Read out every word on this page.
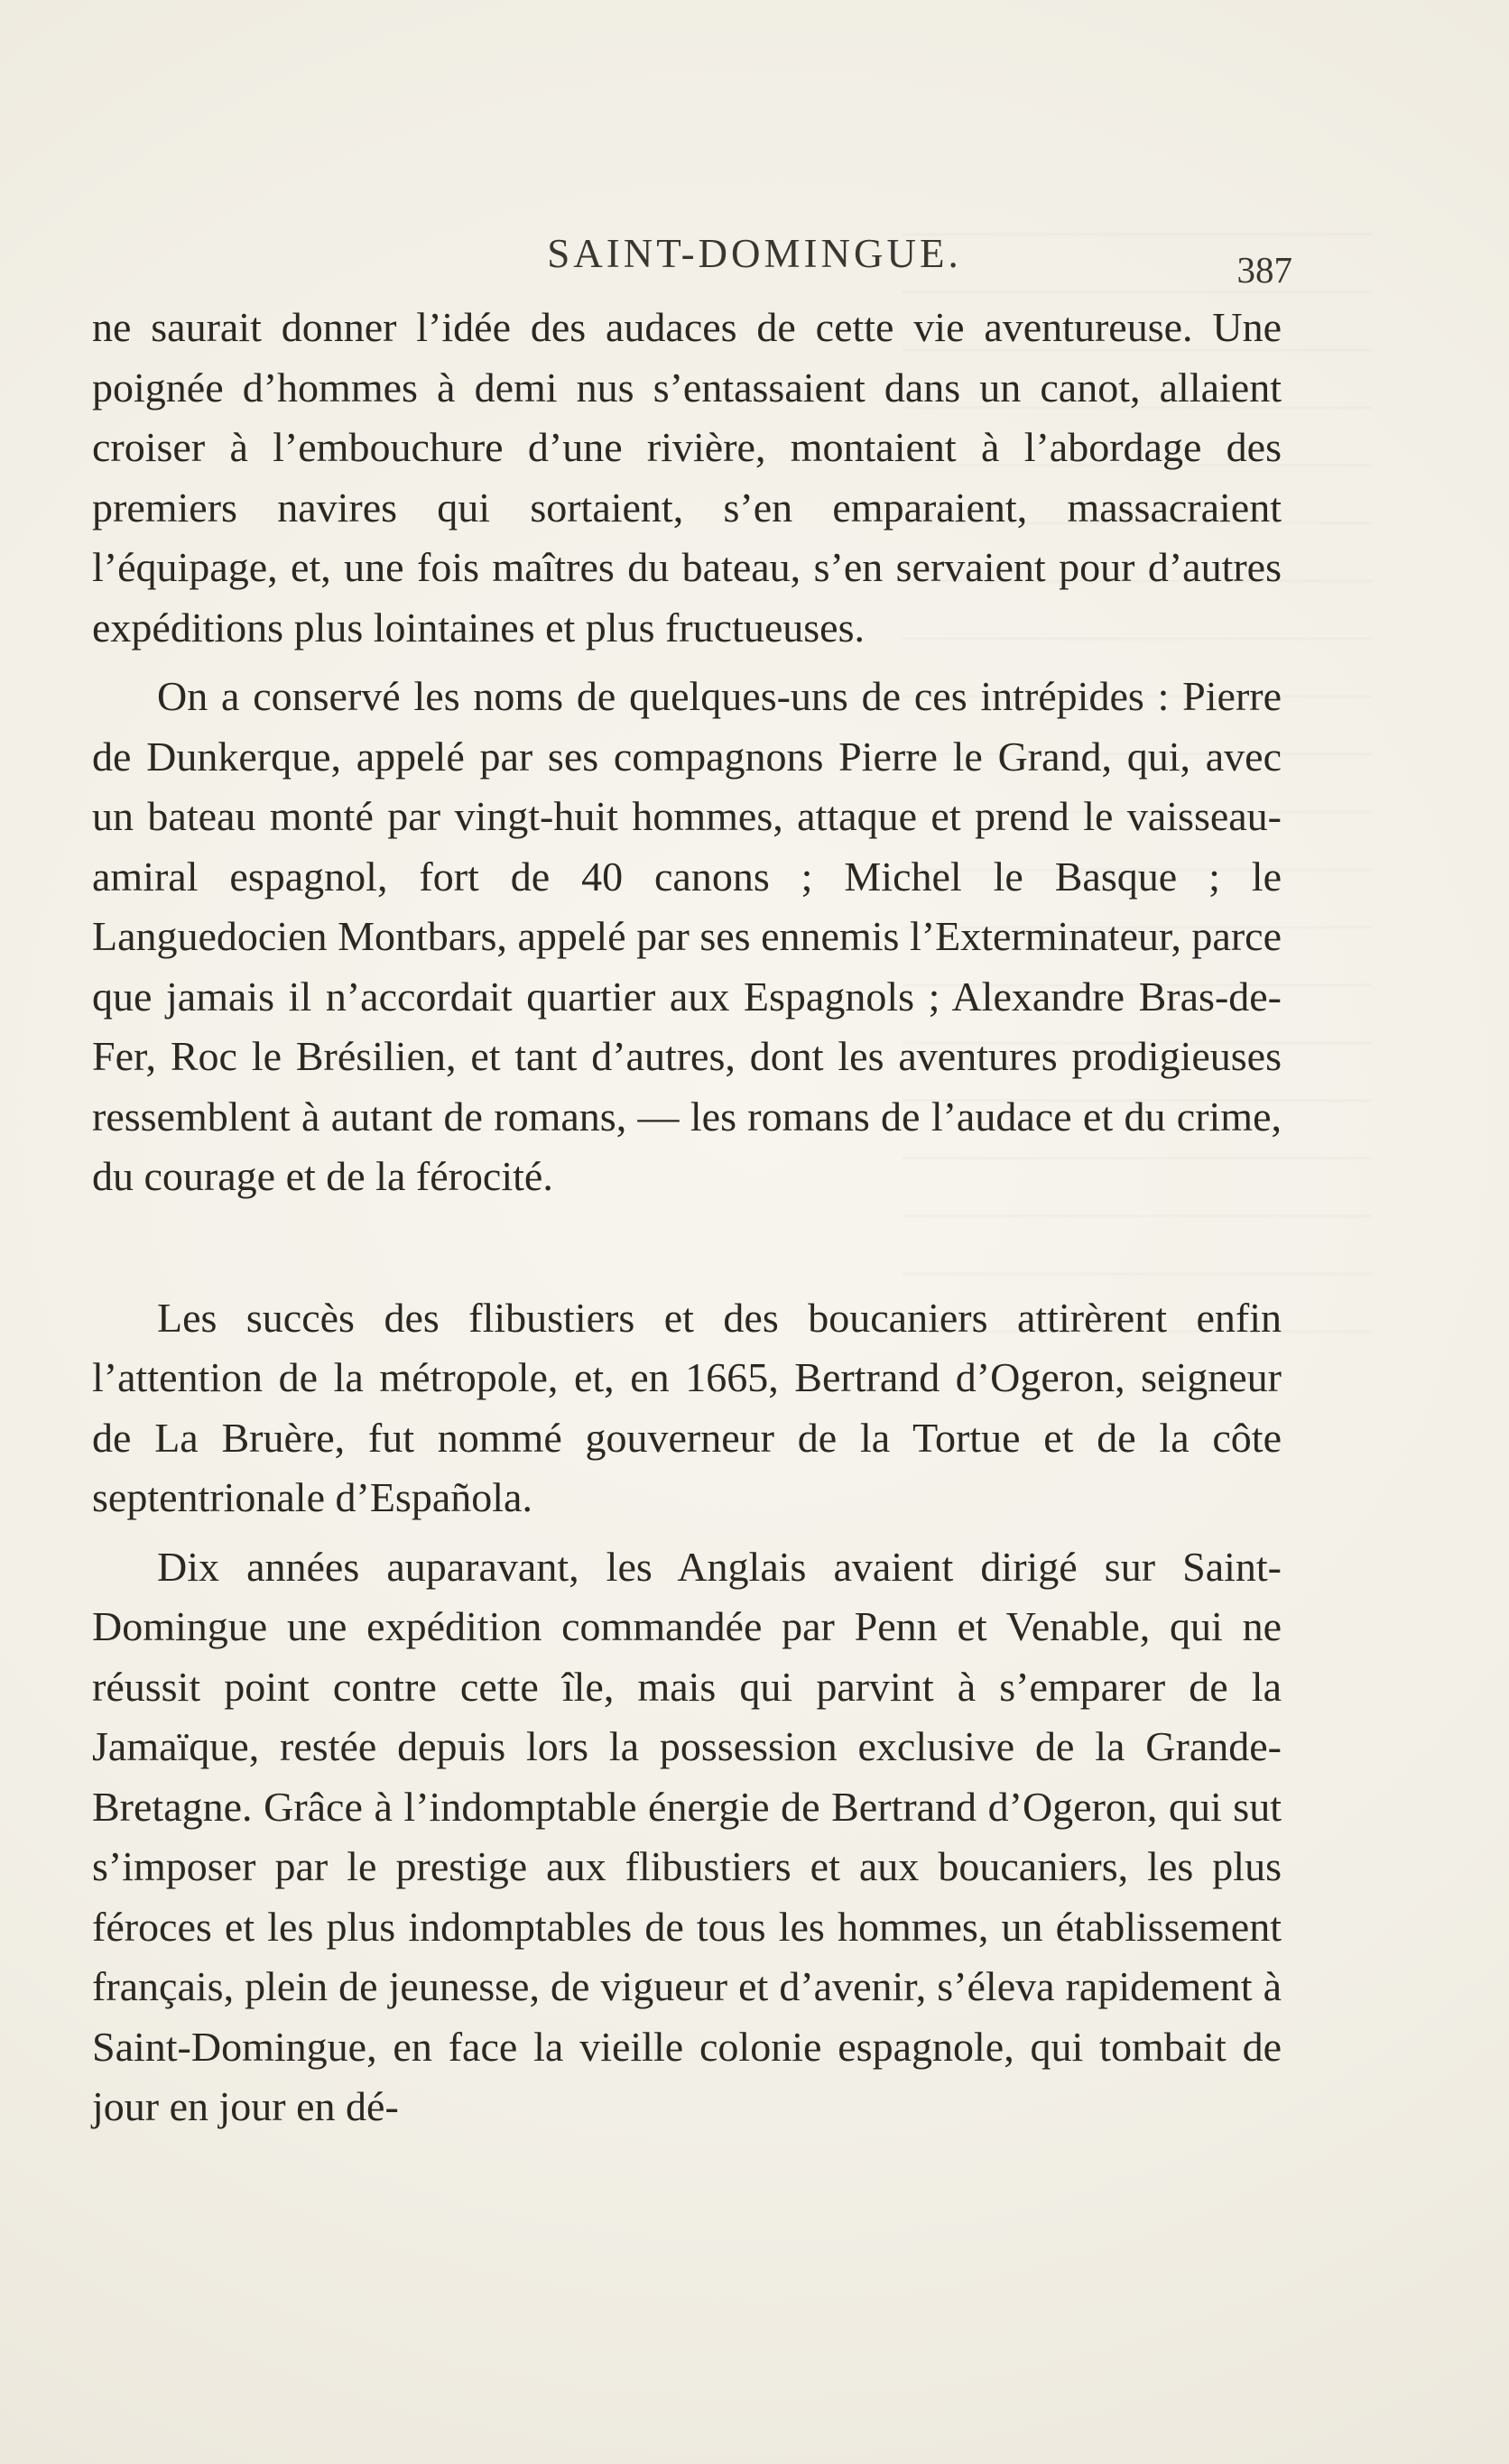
SAINT-DOMINGUE.	387

ne saurait donner l’idée des audaces de cette vie aventureuse. Une poignée d’hommes à demi nus s’entassaient dans un canot, allaient croiser à l’embouchure d’une rivière, montaient à l’abordage des premiers navires qui sortaient, s’en emparaient, massacraient l’équipage, et, une fois maîtres du bateau, s’en servaient pour d’autres expéditions plus lointaines et plus fructueuses.

On a conservé les noms de quelques-uns de ces intrépides : Pierre de Dunkerque, appelé par ses compagnons Pierre le Grand, qui, avec un bateau monté par vingt-huit hommes, attaque et prend le vaisseau-amiral espagnol, fort de 40 canons ; Michel le Basque ; le Languedocien Montbars, appelé par ses ennemis l’Exterminateur, parce que jamais il n’accordait quartier aux Espagnols ; Alexandre Bras-de-Fer, Roc le Brésilien, et tant d’autres, dont les aventures prodigieuses ressemblent à autant de romans, — les romans de l’audace et du crime, du courage et de la férocité.

Les succès des flibustiers et des boucaniers attirèrent enfin l’attention de la métropole, et, en 1665, Bertrand d’Ogeron, seigneur de La Bruère, fut nommé gouverneur de la Tortue et de la côte septentrionale d’Española.

Dix années auparavant, les Anglais avaient dirigé sur Saint-Domingue une expédition commandée par Penn et Venable, qui ne réussit point contre cette île, mais qui parvint à s’emparer de la Jamaïque, restée depuis lors la possession exclusive de la Grande-Bretagne. Grâce à l’indomptable énergie de Bertrand d’Ogeron, qui sut s’imposer par le prestige aux flibustiers et aux boucaniers, les plus féroces et les plus indomptables de tous les hommes, un établissement français, plein de jeunesse, de vigueur et d’avenir, s’éleva rapidement à Saint-Domingue, en face la vieille colonie espagnole, qui tombait de jour en jour en dé-
